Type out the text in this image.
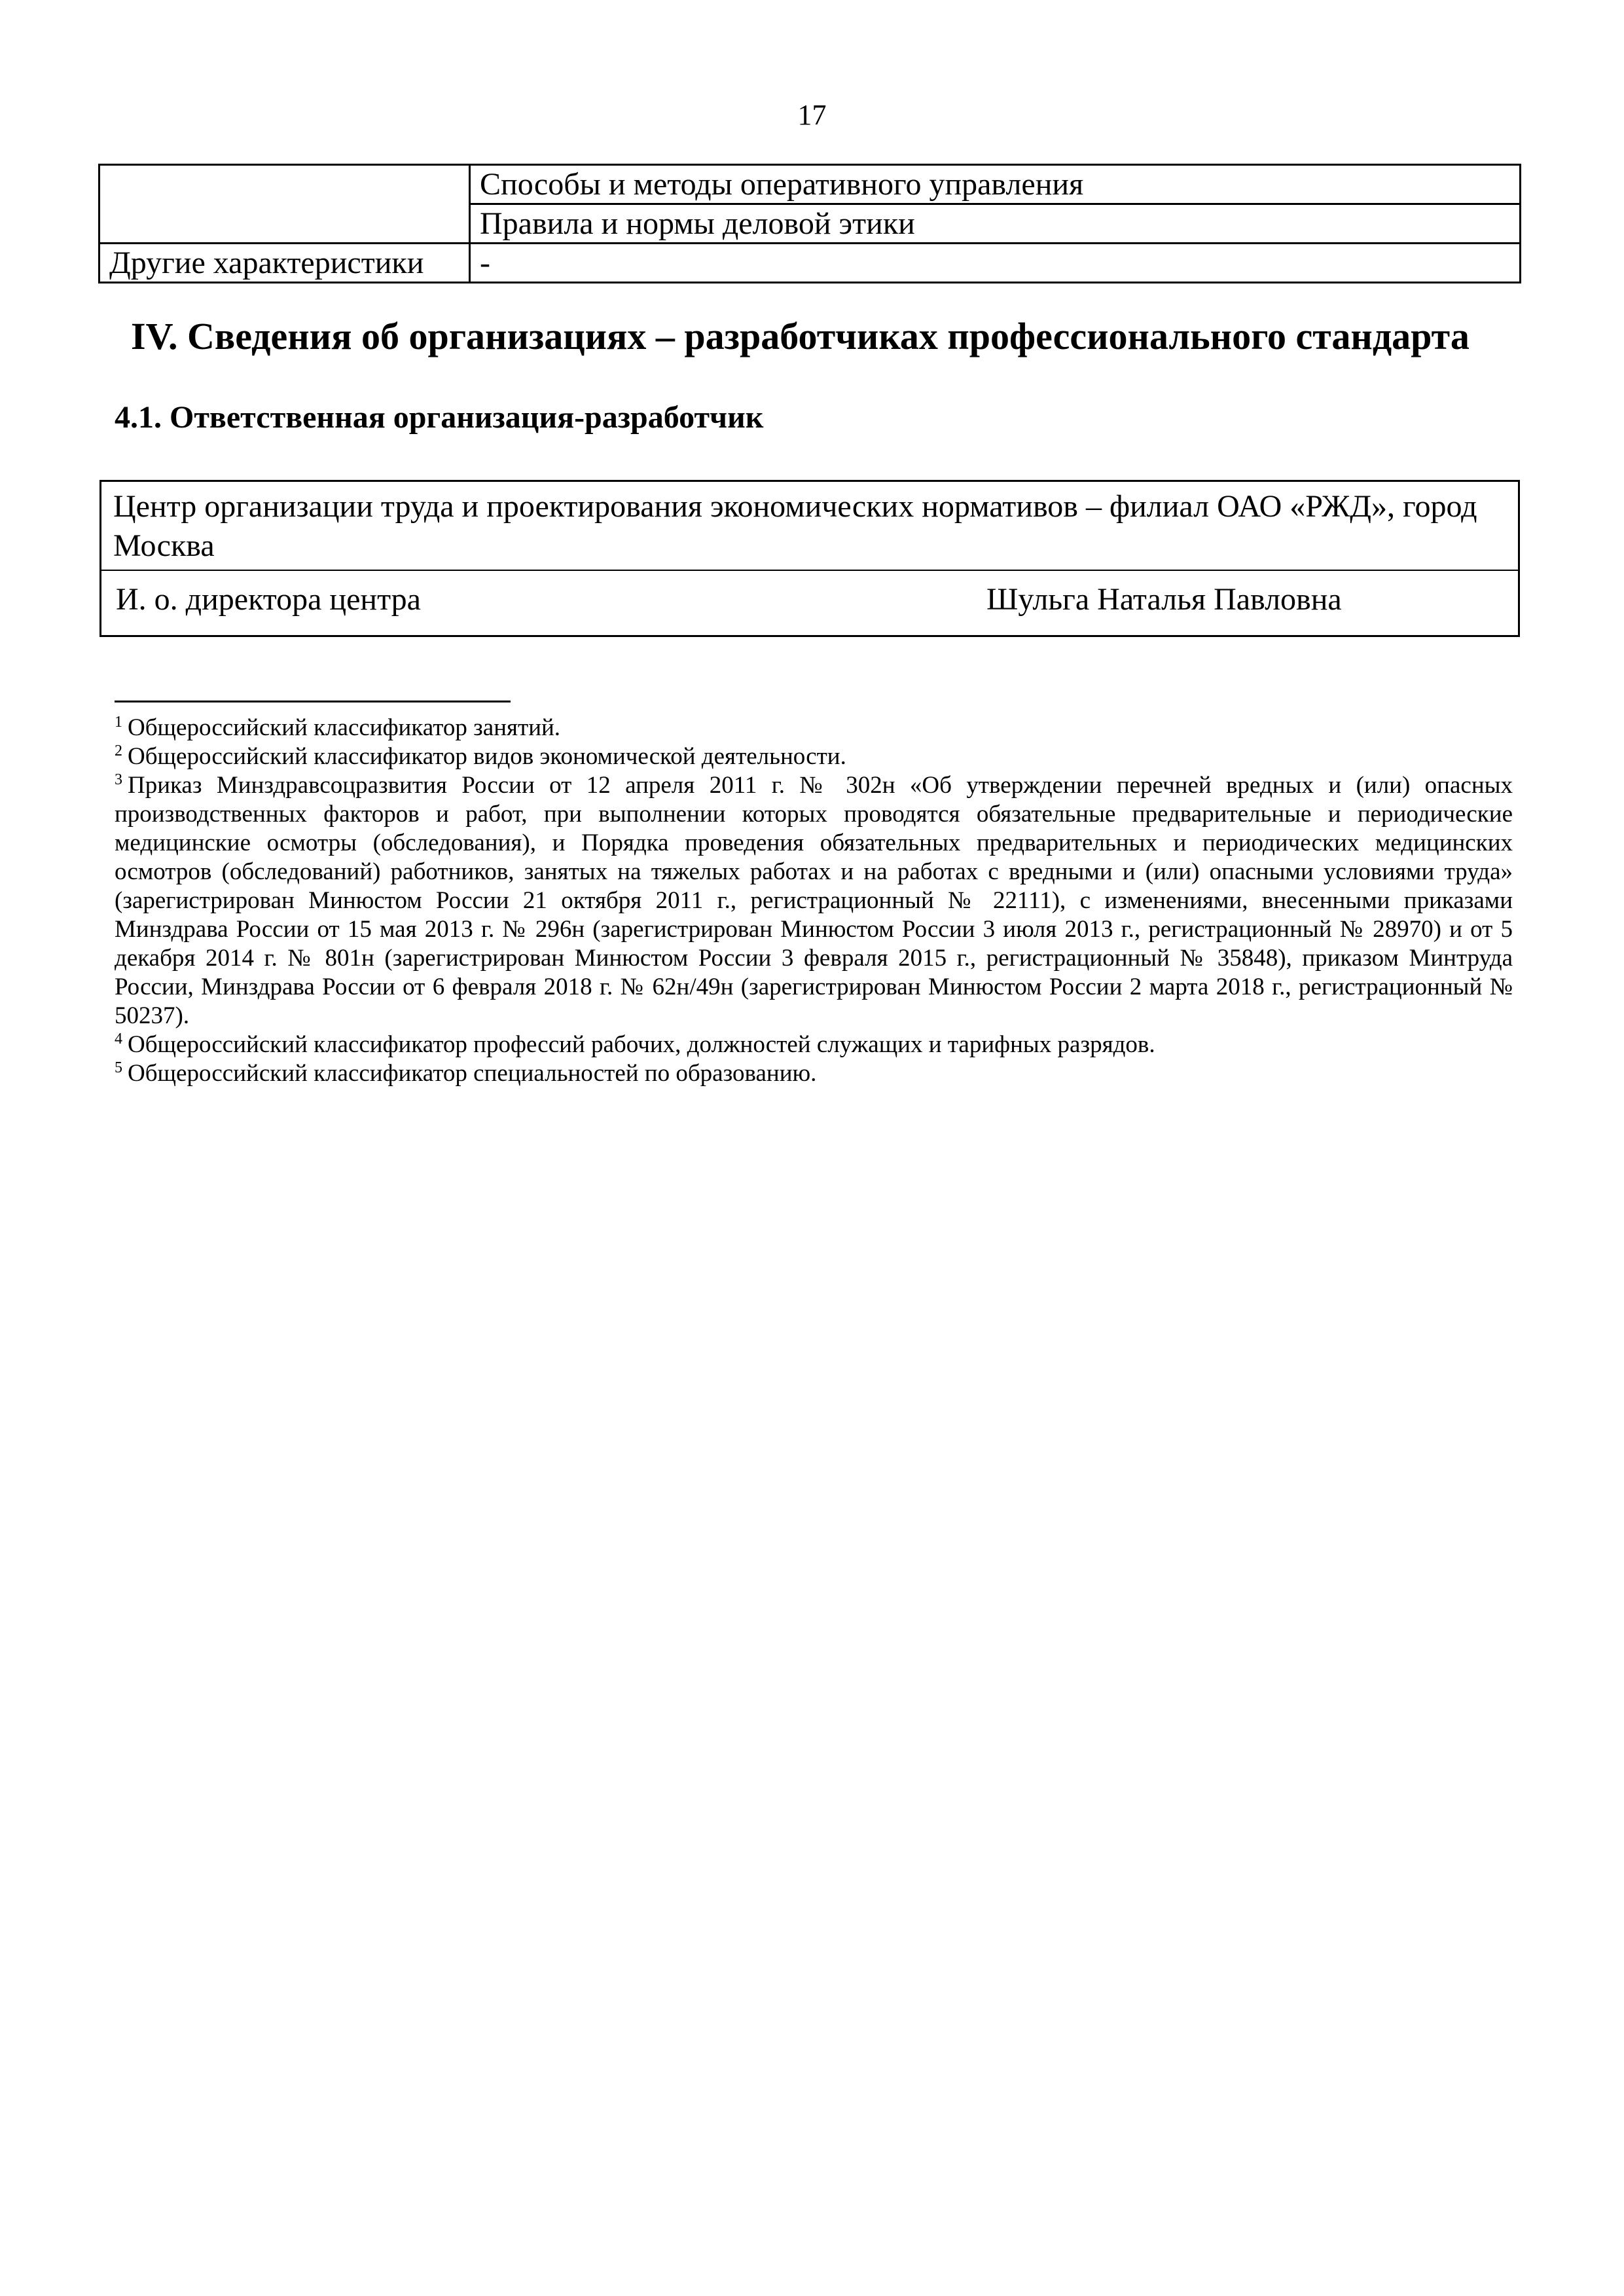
17
	Способы и методы оперативного управления
	Правила и нормы деловой этики
Другие характеристики	-
IV. Сведения об организациях – разработчиках профессионального стандарта
4.1. Ответственная организация-разработчик
Центр организации труда и проектирования экономических нормативов – филиал ОАО «РЖД», город Москва
И. о. директора центра	Шульга Наталья Павловна

$^1$ Общероссийский классификатор занятий.

$^2$ Общероссийский классификатор видов экономической деятельности.

$^3$ Приказ Минздравсоцразвития России от 12 апреля 2011 г. № 302н «Об утверждении перечней вредных и (или) опасных производственных факторов и работ, при выполнении которых проводятся обязательные предварительные и периодические медицинские осмотры (обследования), и Порядка проведения обязательных предварительных и периодических медицинских осмотров (обследований) работников, занятых на тяжелых работах и на работах с вредными и (или) опасными условиями труда» (зарегистрирован Минюстом России 21 октября 2011 г., регистрационный № 22111), с изменениями, внесенными приказами Минздрава России от 15 мая 2013 г. № 296н (зарегистрирован Минюстом России 3 июля 2013 г., регистрационный № 28970) и от 5 декабря 2014 г. № 801н (зарегистрирован Минюстом России 3 февраля 2015 г., регистрационный № 35848), приказом Минтруда России, Минздрава России от 6 февраля 2018 г. № 62н/49н (зарегистрирован Минюстом России 2 марта 2018 г., регистрационный № 50237).

$^4$ Общероссийский классификатор профессий рабочих, должностей служащих и тарифных разрядов.

$^5$ Общероссийский классификатор специальностей по образованию.
